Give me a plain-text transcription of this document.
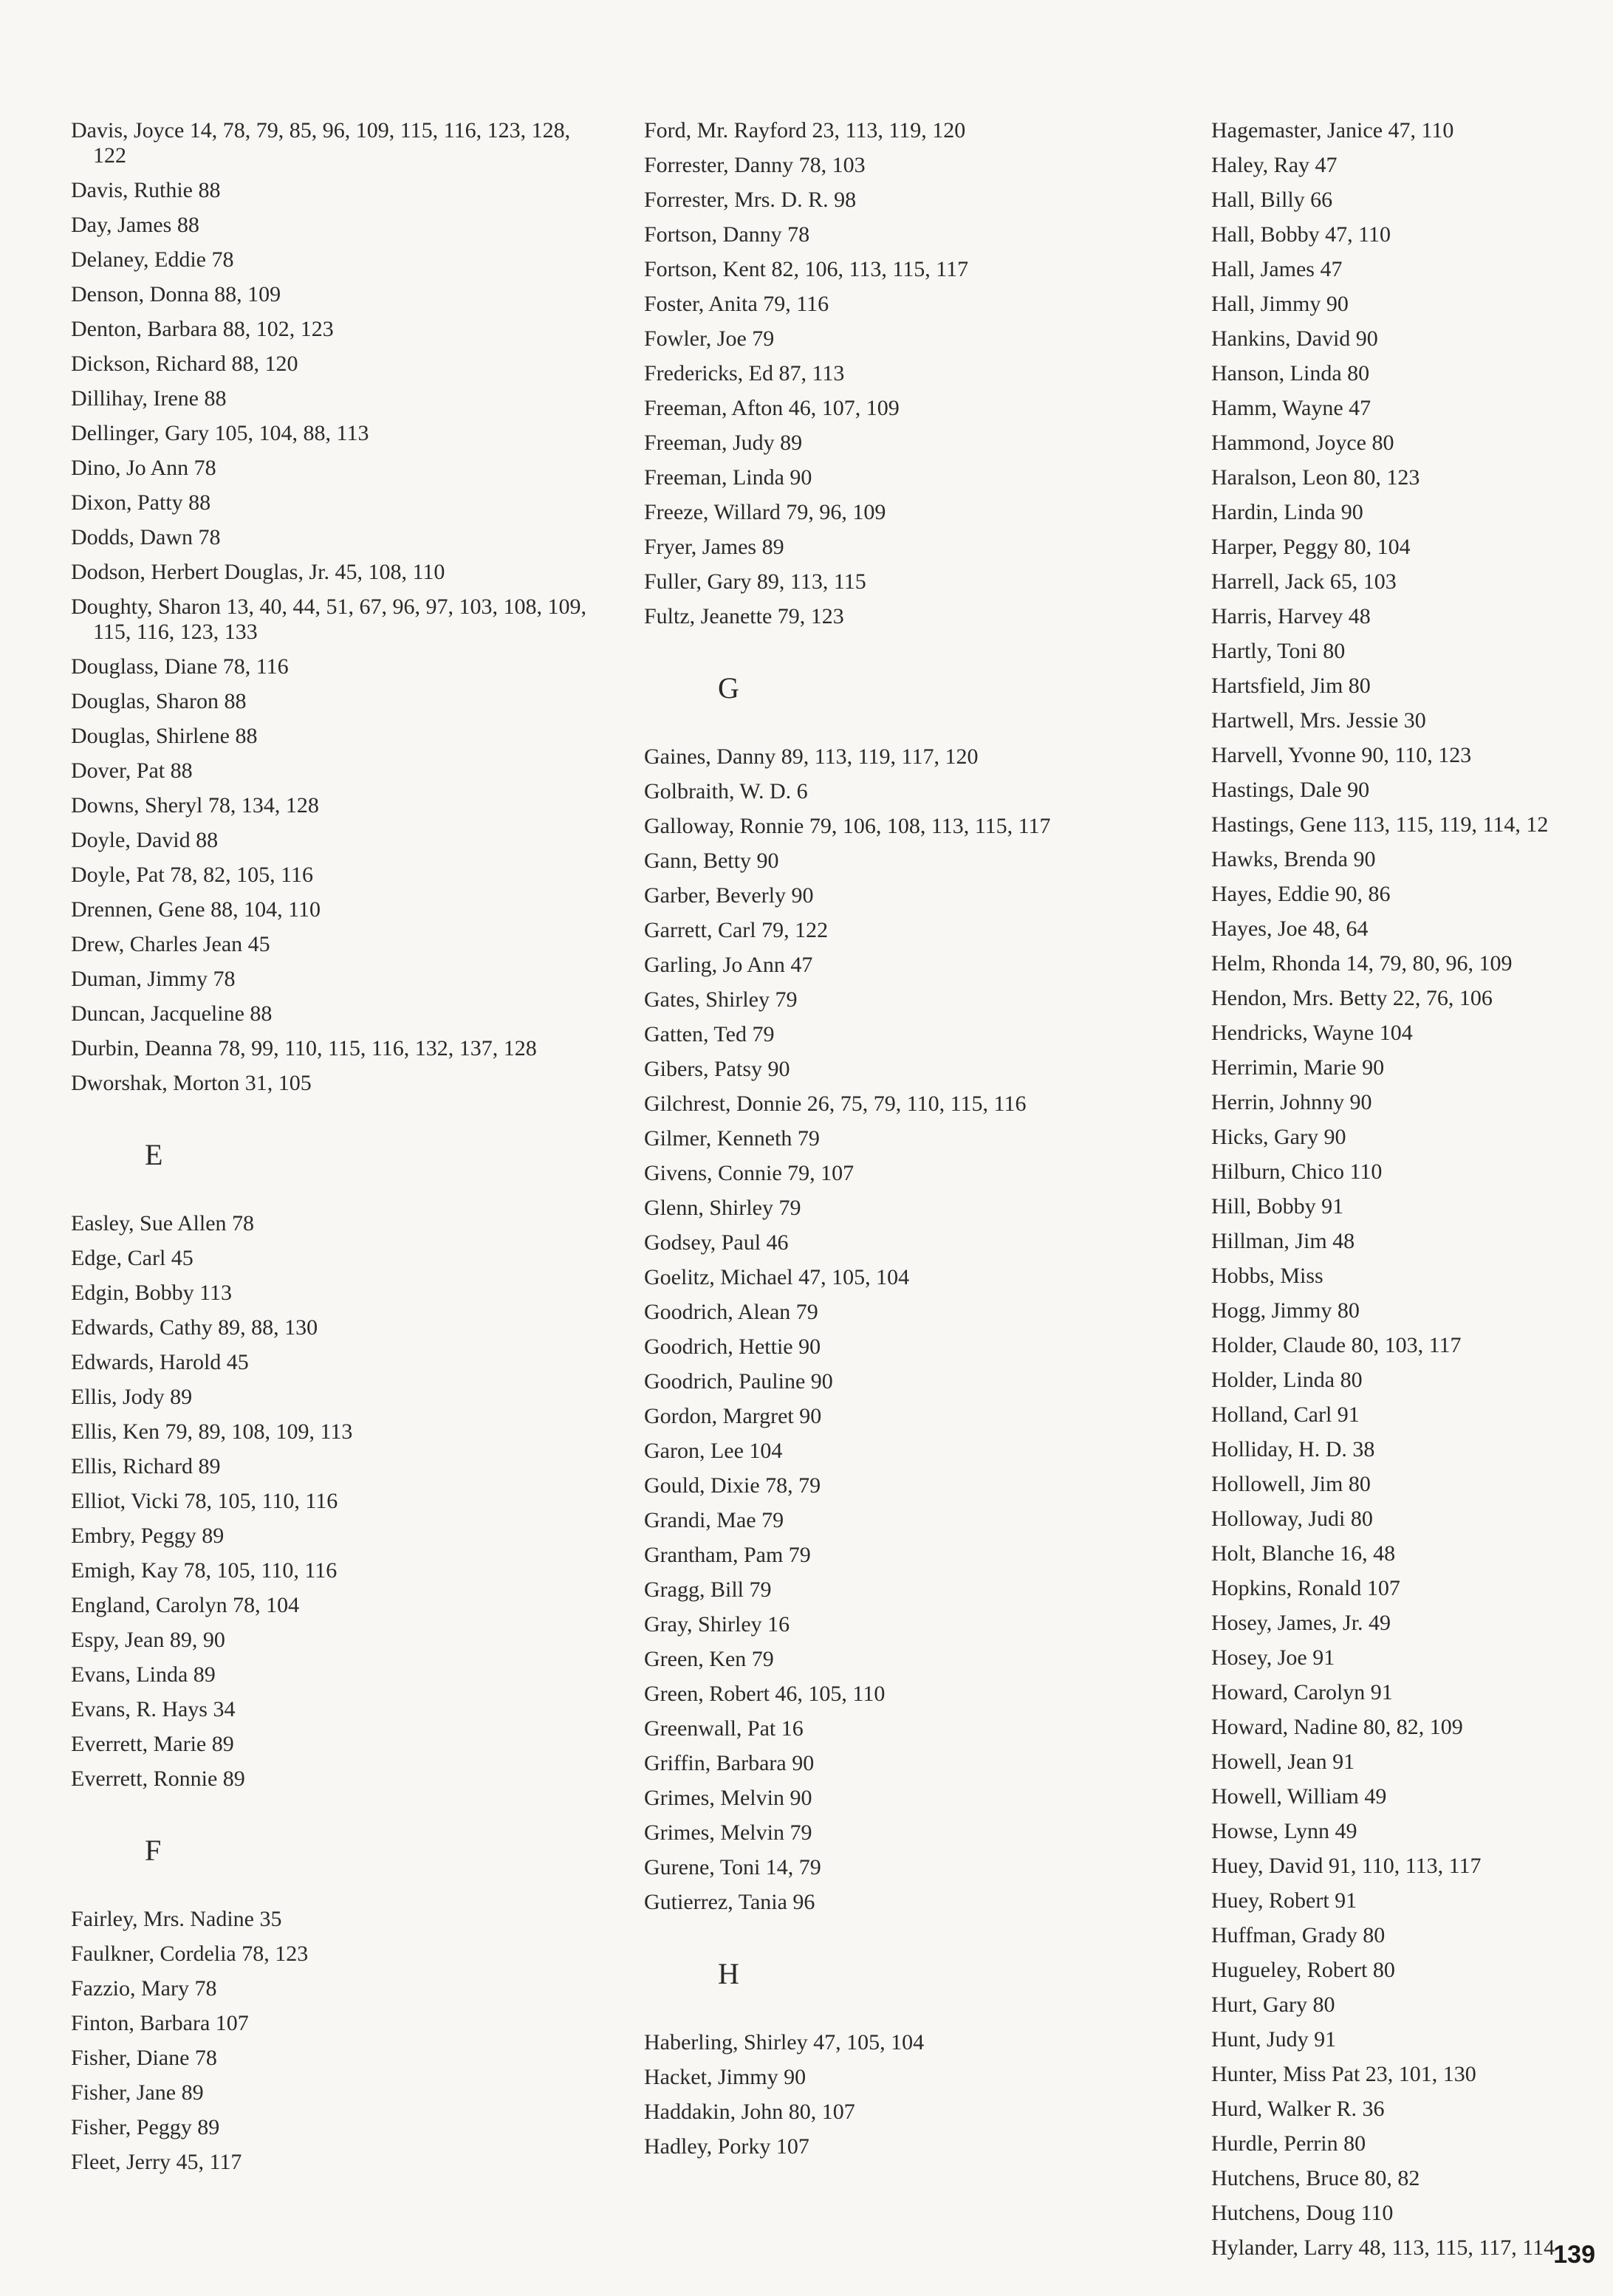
Davis, Joyce 14, 78, 79, 85, 96, 109, 115, 116, 123, 128, 122
Davis, Ruthie 88
Day, James 88
Delaney, Eddie 78
Denson, Donna 88, 109
Denton, Barbara 88, 102, 123
Dickson, Richard 88, 120
Dillihay, Irene 88
Dellinger, Gary 105, 104, 88, 113
Dino, Jo Ann 78
Dixon, Patty 88
Dodds, Dawn 78
Dodson, Herbert Douglas, Jr. 45, 108, 110
Doughty, Sharon 13, 40, 44, 51, 67, 96, 97, 103, 108, 109, 115, 116, 123, 133
Douglass, Diane 78, 116
Douglas, Sharon 88
Douglas, Shirlene 88
Dover, Pat 88
Downs, Sheryl 78, 134, 128
Doyle, David 88
Doyle, Pat 78, 82, 105, 116
Drennen, Gene 88, 104, 110
Drew, Charles Jean 45
Duman, Jimmy 78
Duncan, Jacqueline 88
Durbin, Deanna 78, 99, 110, 115, 116, 132, 137, 128
Dworshak, Morton 31, 105
E
Easley, Sue Allen 78
Edge, Carl 45
Edgin, Bobby 113
Edwards, Cathy 89, 88, 130
Edwards, Harold 45
Ellis, Jody 89
Ellis, Ken 79, 89, 108, 109, 113
Ellis, Richard 89
Elliot, Vicki 78, 105, 110, 116
Embry, Peggy 89
Emigh, Kay 78, 105, 110, 116
England, Carolyn 78, 104
Espy, Jean 89, 90
Evans, Linda 89
Evans, R. Hays 34
Everrett, Marie 89
Everrett, Ronnie 89
F
Fairley, Mrs. Nadine 35
Faulkner, Cordelia 78, 123
Fazzio, Mary 78
Finton, Barbara 107
Fisher, Diane 78
Fisher, Jane 89
Fisher, Peggy 89
Fleet, Jerry 45, 117
Ford, Mr. Rayford 23, 113, 119, 120
Forrester, Danny 78, 103
Forrester, Mrs. D. R. 98
Fortson, Danny 78
Fortson, Kent 82, 106, 113, 115, 117
Foster, Anita 79, 116
Fowler, Joe 79
Fredericks, Ed 87, 113
Freeman, Afton 46, 107, 109
Freeman, Judy 89
Freeman, Linda 90
Freeze, Willard 79, 96, 109
Fryer, James 89
Fuller, Gary 89, 113, 115
Fultz, Jeanette 79, 123
G
Gaines, Danny 89, 113, 119, 117, 120
Golbraith, W. D. 6
Galloway, Ronnie 79, 106, 108, 113, 115, 117
Gann, Betty 90
Garber, Beverly 90
Garrett, Carl 79, 122
Garling, Jo Ann 47
Gates, Shirley 79
Gatten, Ted 79
Gibers, Patsy 90
Gilchrest, Donnie 26, 75, 79, 110, 115, 116
Gilmer, Kenneth 79
Givens, Connie 79, 107
Glenn, Shirley 79
Godsey, Paul 46
Goelitz, Michael 47, 105, 104
Goodrich, Alean 79
Goodrich, Hettie 90
Goodrich, Pauline 90
Gordon, Margret 90
Garon, Lee 104
Gould, Dixie 78, 79
Grandi, Mae 79
Grantham, Pam 79
Gragg, Bill 79
Gray, Shirley 16
Green, Ken 79
Green, Robert 46, 105, 110
Greenwall, Pat 16
Griffin, Barbara 90
Grimes, Melvin 90
Grimes, Melvin 79
Gurene, Toni 14, 79
Gutierrez, Tania 96
H
Haberling, Shirley 47, 105, 104
Hacket, Jimmy 90
Haddakin, John 80, 107
Hadley, Porky 107
Hagemaster, Janice 47, 110
Haley, Ray 47
Hall, Billy 66
Hall, Bobby 47, 110
Hall, James 47
Hall, Jimmy 90
Hankins, David 90
Hanson, Linda 80
Hamm, Wayne 47
Hammond, Joyce 80
Haralson, Leon 80, 123
Hardin, Linda 90
Harper, Peggy 80, 104
Harrell, Jack 65, 103
Harris, Harvey 48
Hartly, Toni 80
Hartsfield, Jim 80
Hartwell, Mrs. Jessie 30
Harvell, Yvonne 90, 110, 123
Hastings, Dale 90
Hastings, Gene 113, 115, 119, 114, 12
Hawks, Brenda 90
Hayes, Eddie 90, 86
Hayes, Joe 48, 64
Helm, Rhonda 14, 79, 80, 96, 109
Hendon, Mrs. Betty 22, 76, 106
Hendricks, Wayne 104
Herrimin, Marie 90
Herrin, Johnny 90
Hicks, Gary 90
Hilburn, Chico 110
Hill, Bobby 91
Hillman, Jim 48
Hobbs, Miss
Hogg, Jimmy 80
Holder, Claude 80, 103, 117
Holder, Linda 80
Holland, Carl 91
Holliday, H. D. 38
Hollowell, Jim 80
Holloway, Judi 80
Holt, Blanche 16, 48
Hopkins, Ronald 107
Hosey, James, Jr. 49
Hosey, Joe 91
Howard, Carolyn 91
Howard, Nadine 80, 82, 109
Howell, Jean 91
Howell, William 49
Howse, Lynn 49
Huey, David 91, 110, 113, 117
Huey, Robert 91
Huffman, Grady 80
Hugueley, Robert 80
Hurt, Gary 80
Hunt, Judy 91
Hunter, Miss Pat 23, 101, 130
Hurd, Walker R. 36
Hurdle, Perrin 80
Hutchens, Bruce 80, 82
Hutchens, Doug 110
Hylander, Larry 48, 113, 115, 117, 114
139
